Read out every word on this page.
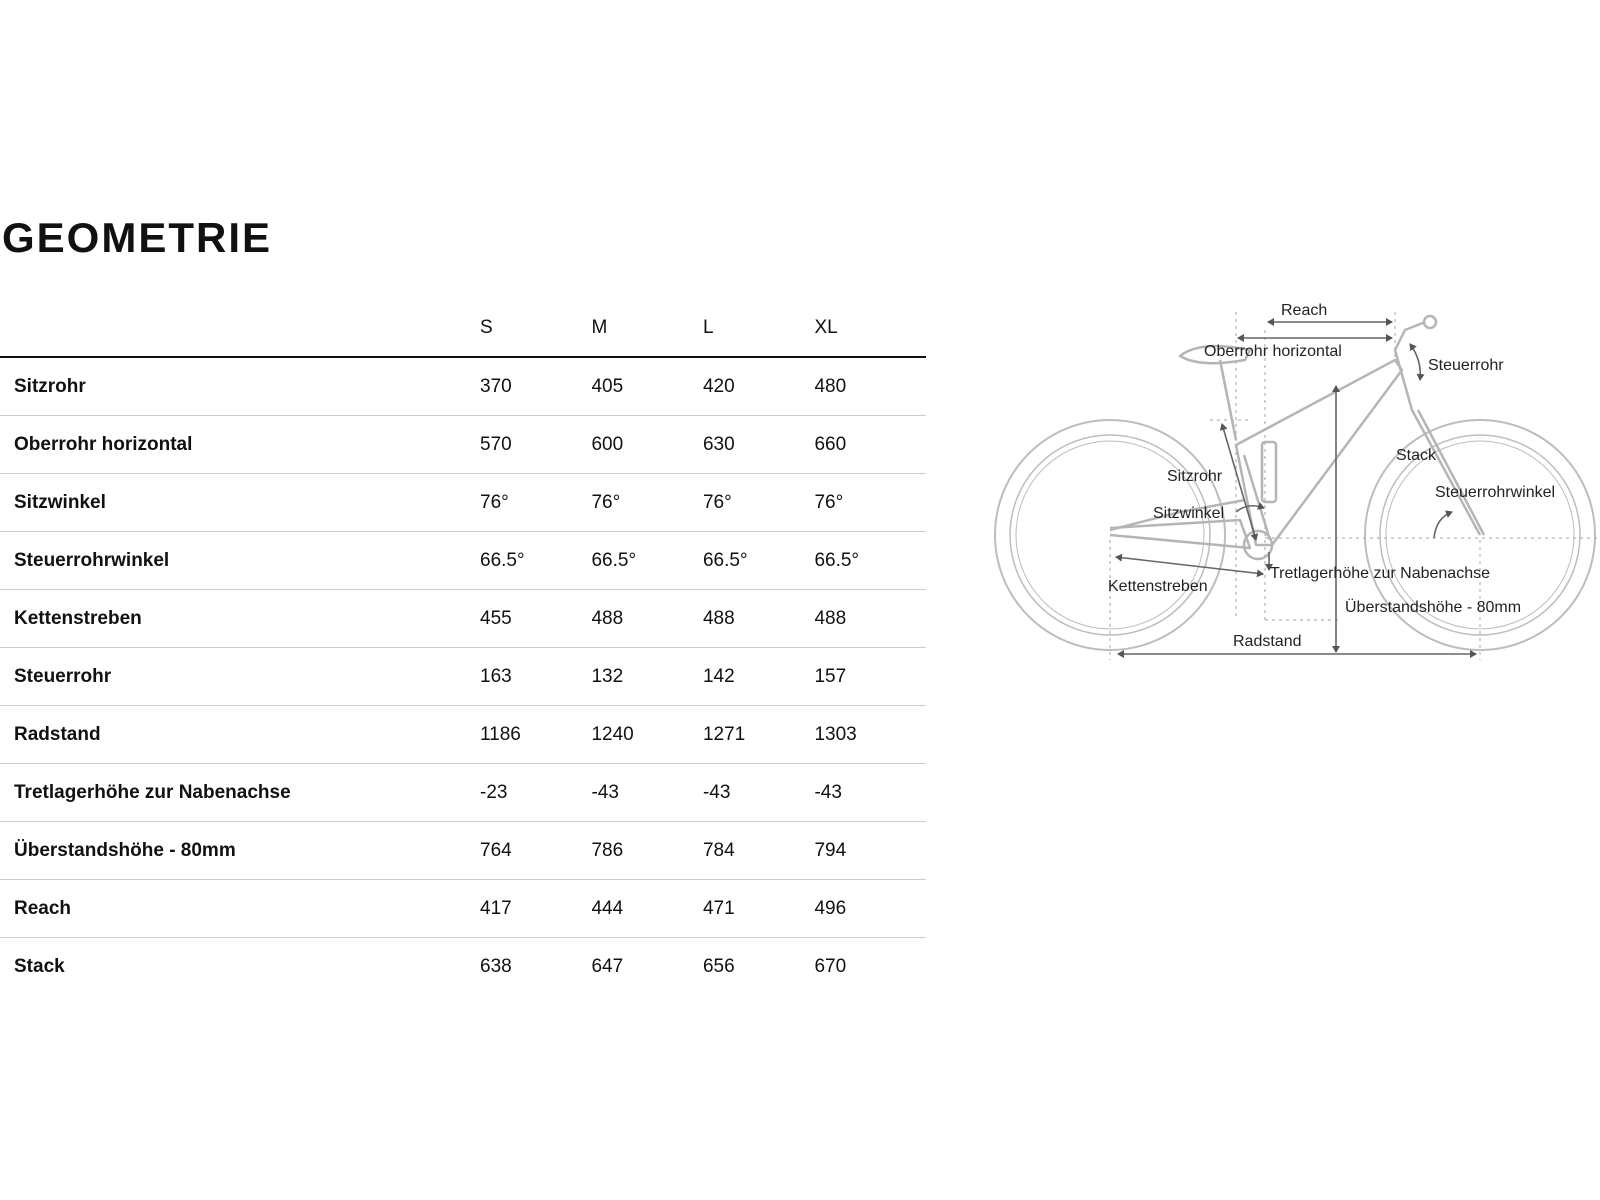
GEOMETRIE
	S	M	L	XL
Sitzrohr	370	405	420	480
Oberrohr horizontal	570	600	630	660
Sitzwinkel	76°	76°	76°	76°
Steuerrohrwinkel	66.5°	66.5°	66.5°	66.5°
Kettenstreben	455	488	488	488
Steuerrohr	163	132	142	157
Radstand	1186	1240	1271	1303
Tretlagerhöhe zur Nabenachse	-23	-43	-43	-43
Überstandshöhe - 80mm	764	786	784	794
Reach	417	444	471	496
Stack	638	647	656	670
Reach
Oberrohr horizontal
Steuerrohr
Stack
Sitzrohr
Steuerrohrwinkel
Sitzwinkel
Tretlagerhöhe zur Nabenachse
Kettenstreben
Überstandshöhe - 80mm
Radstand
